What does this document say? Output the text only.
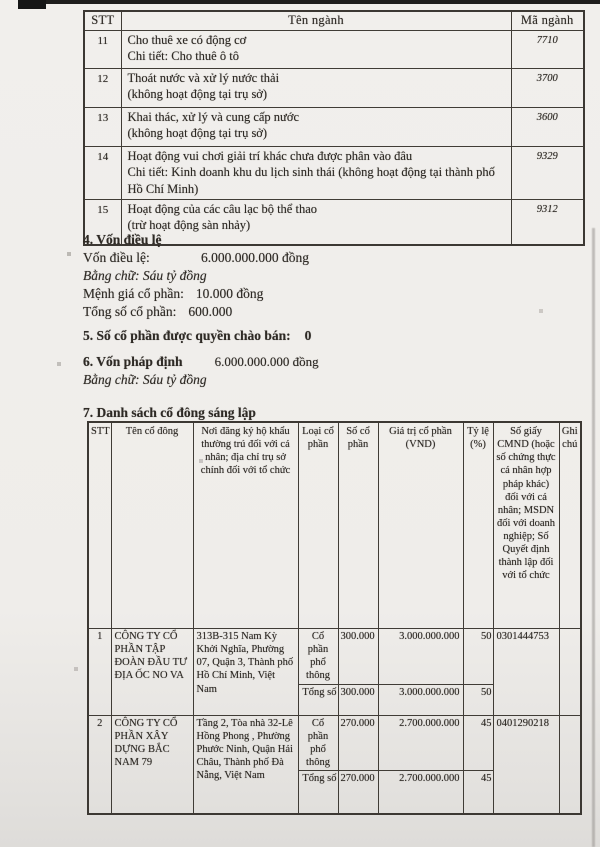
STT	Tên ngành	Mã ngành
11	Cho thuê xe có động cơ
Chi tiết: Cho thuê ô tô	7710
12	Thoát nước và xử lý nước thải
(không hoạt động tại trụ sở)	3700
13	Khai thác, xử lý và cung cấp nước
(không hoạt động tại trụ sở)	3600
14	Hoạt động vui chơi giải trí khác chưa được phân vào đâu
Chi tiết: Kinh doanh khu du lịch sinh thái (không hoạt động tại thành phố Hồ Chí Minh)	9329
15	Hoạt động của các câu lạc bộ thể thao
(trừ hoạt động sàn nhảy)	9312
4. Vốn điều lệ
Vốn điều lệ:	6.000.000.000 đồng
Bằng chữ: Sáu tỷ đồng
Mệnh giá cổ phần: 10.000 đồng
Tổng số cổ phần: 600.000
5. Số cổ phần được quyền chào bán: 0
6. Vốn pháp định 6.000.000.000 đồng
Bằng chữ: Sáu tỷ đồng
7. Danh sách cổ đông sáng lập
STT	Tên cổ đông	Nơi đăng ký hộ khẩu thường trú đối với cá nhân; địa chỉ trụ sở chính đối với tổ chức	Loại cổ phần	Số cổ phần	Giá trị cổ phần (VND)	Tỷ lệ (%)	Số giấy CMND (hoặc số chứng thực cá nhân hợp pháp khác) đối với cá nhân; MSDN đối với doanh nghiệp; Số Quyết định thành lập đối với tổ chức	Ghi chú
1	CÔNG TY CỔ PHẦN TẬP ĐOÀN ĐẦU TƯ ĐỊA ỐC NO VA	313B-315 Nam Kỳ Khởi Nghĩa, Phường 07, Quận 3, Thành phố Hồ Chí Minh, Việt Nam	Cổ phần phổ thông	300.000	3.000.000.000	50	0301444753	
			Tổng số	300.000	3.000.000.000	50		
2	CÔNG TY CỔ PHẦN XÂY DỰNG BẮC NAM 79	Tầng 2, Tòa nhà 32-Lê Hồng Phong , Phường Phước Ninh, Quận Hải Châu, Thành phố Đà Nẵng, Việt Nam	Cổ phần phổ thông	270.000	2.700.000.000	45	0401290218	
			Tổng số	270.000	2.700.000.000	45		
